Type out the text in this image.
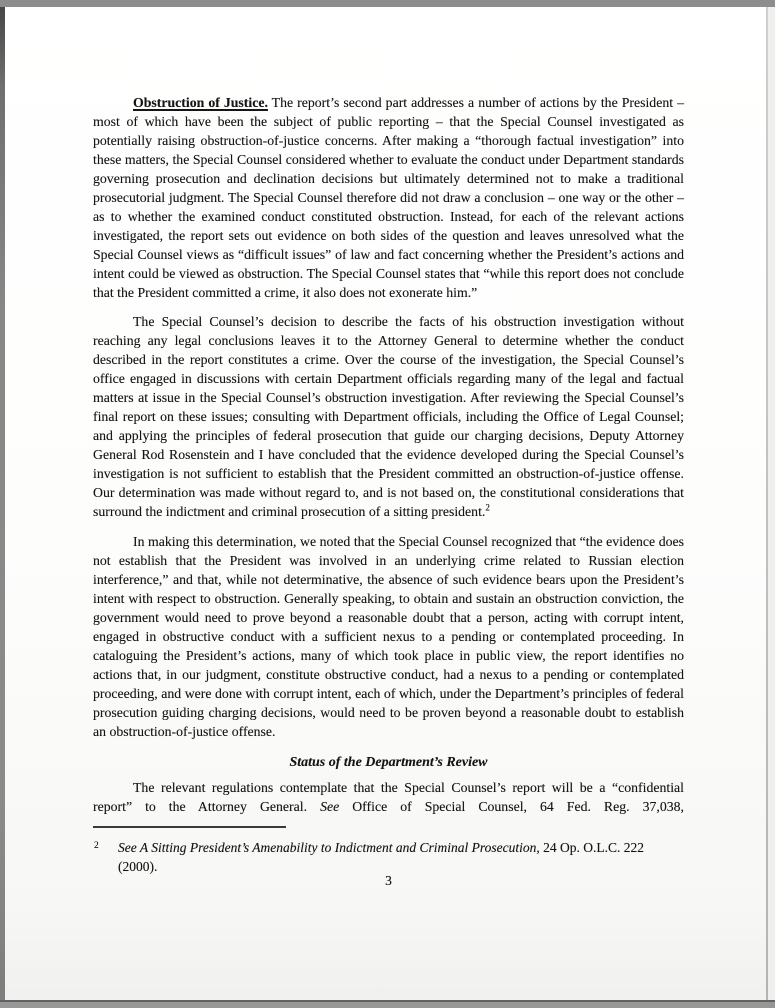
Obstruction of Justice. The report’s second part addresses a number of actions by the President – most of which have been the subject of public reporting – that the Special Counsel investigated as potentially raising obstruction-of-justice concerns. After making a “thorough factual investigation” into these matters, the Special Counsel considered whether to evaluate the conduct under Department standards governing prosecution and declination decisions but ultimately determined not to make a traditional prosecutorial judgment. The Special Counsel therefore did not draw a conclusion – one way or the other – as to whether the examined conduct constituted obstruction. Instead, for each of the relevant actions investigated, the report sets out evidence on both sides of the question and leaves unresolved what the Special Counsel views as “difficult issues” of law and fact concerning whether the President’s actions and intent could be viewed as obstruction. The Special Counsel states that “while this report does not conclude that the President committed a crime, it also does not exonerate him.”

The Special Counsel’s decision to describe the facts of his obstruction investigation without reaching any legal conclusions leaves it to the Attorney General to determine whether the conduct described in the report constitutes a crime. Over the course of the investigation, the Special Counsel’s office engaged in discussions with certain Department officials regarding many of the legal and factual matters at issue in the Special Counsel’s obstruction investigation. After reviewing the Special Counsel’s final report on these issues; consulting with Department officials, including the Office of Legal Counsel; and applying the principles of federal prosecution that guide our charging decisions, Deputy Attorney General Rod Rosenstein and I have concluded that the evidence developed during the Special Counsel’s investigation is not sufficient to establish that the President committed an obstruction-of-justice offense. Our determination was made without regard to, and is not based on, the constitutional considerations that surround the indictment and criminal prosecution of a sitting president.$^2$

In making this determination, we noted that the Special Counsel recognized that “the evidence does not establish that the President was involved in an underlying crime related to Russian election interference,” and that, while not determinative, the absence of such evidence bears upon the President’s intent with respect to obstruction. Generally speaking, to obtain and sustain an obstruction conviction, the government would need to prove beyond a reasonable doubt that a person, acting with corrupt intent, engaged in obstructive conduct with a sufficient nexus to a pending or contemplated proceeding. In cataloguing the President’s actions, many of which took place in public view, the report identifies no actions that, in our judgment, constitute obstructive conduct, had a nexus to a pending or contemplated proceeding, and were done with corrupt intent, each of which, under the Department’s principles of federal prosecution guiding charging decisions, would need to be proven beyond a reasonable doubt to establish an obstruction-of-justice offense.

Status of the Department’s Review

The relevant regulations contemplate that the Special Counsel’s report will be a “confidential report” to the Attorney General. See Office of Special Counsel, 64 Fed. Reg. 37,038,

2 See A Sitting President’s Amenability to Indictment and Criminal Prosecution, 24 Op. O.L.C. 222 (2000).
3
